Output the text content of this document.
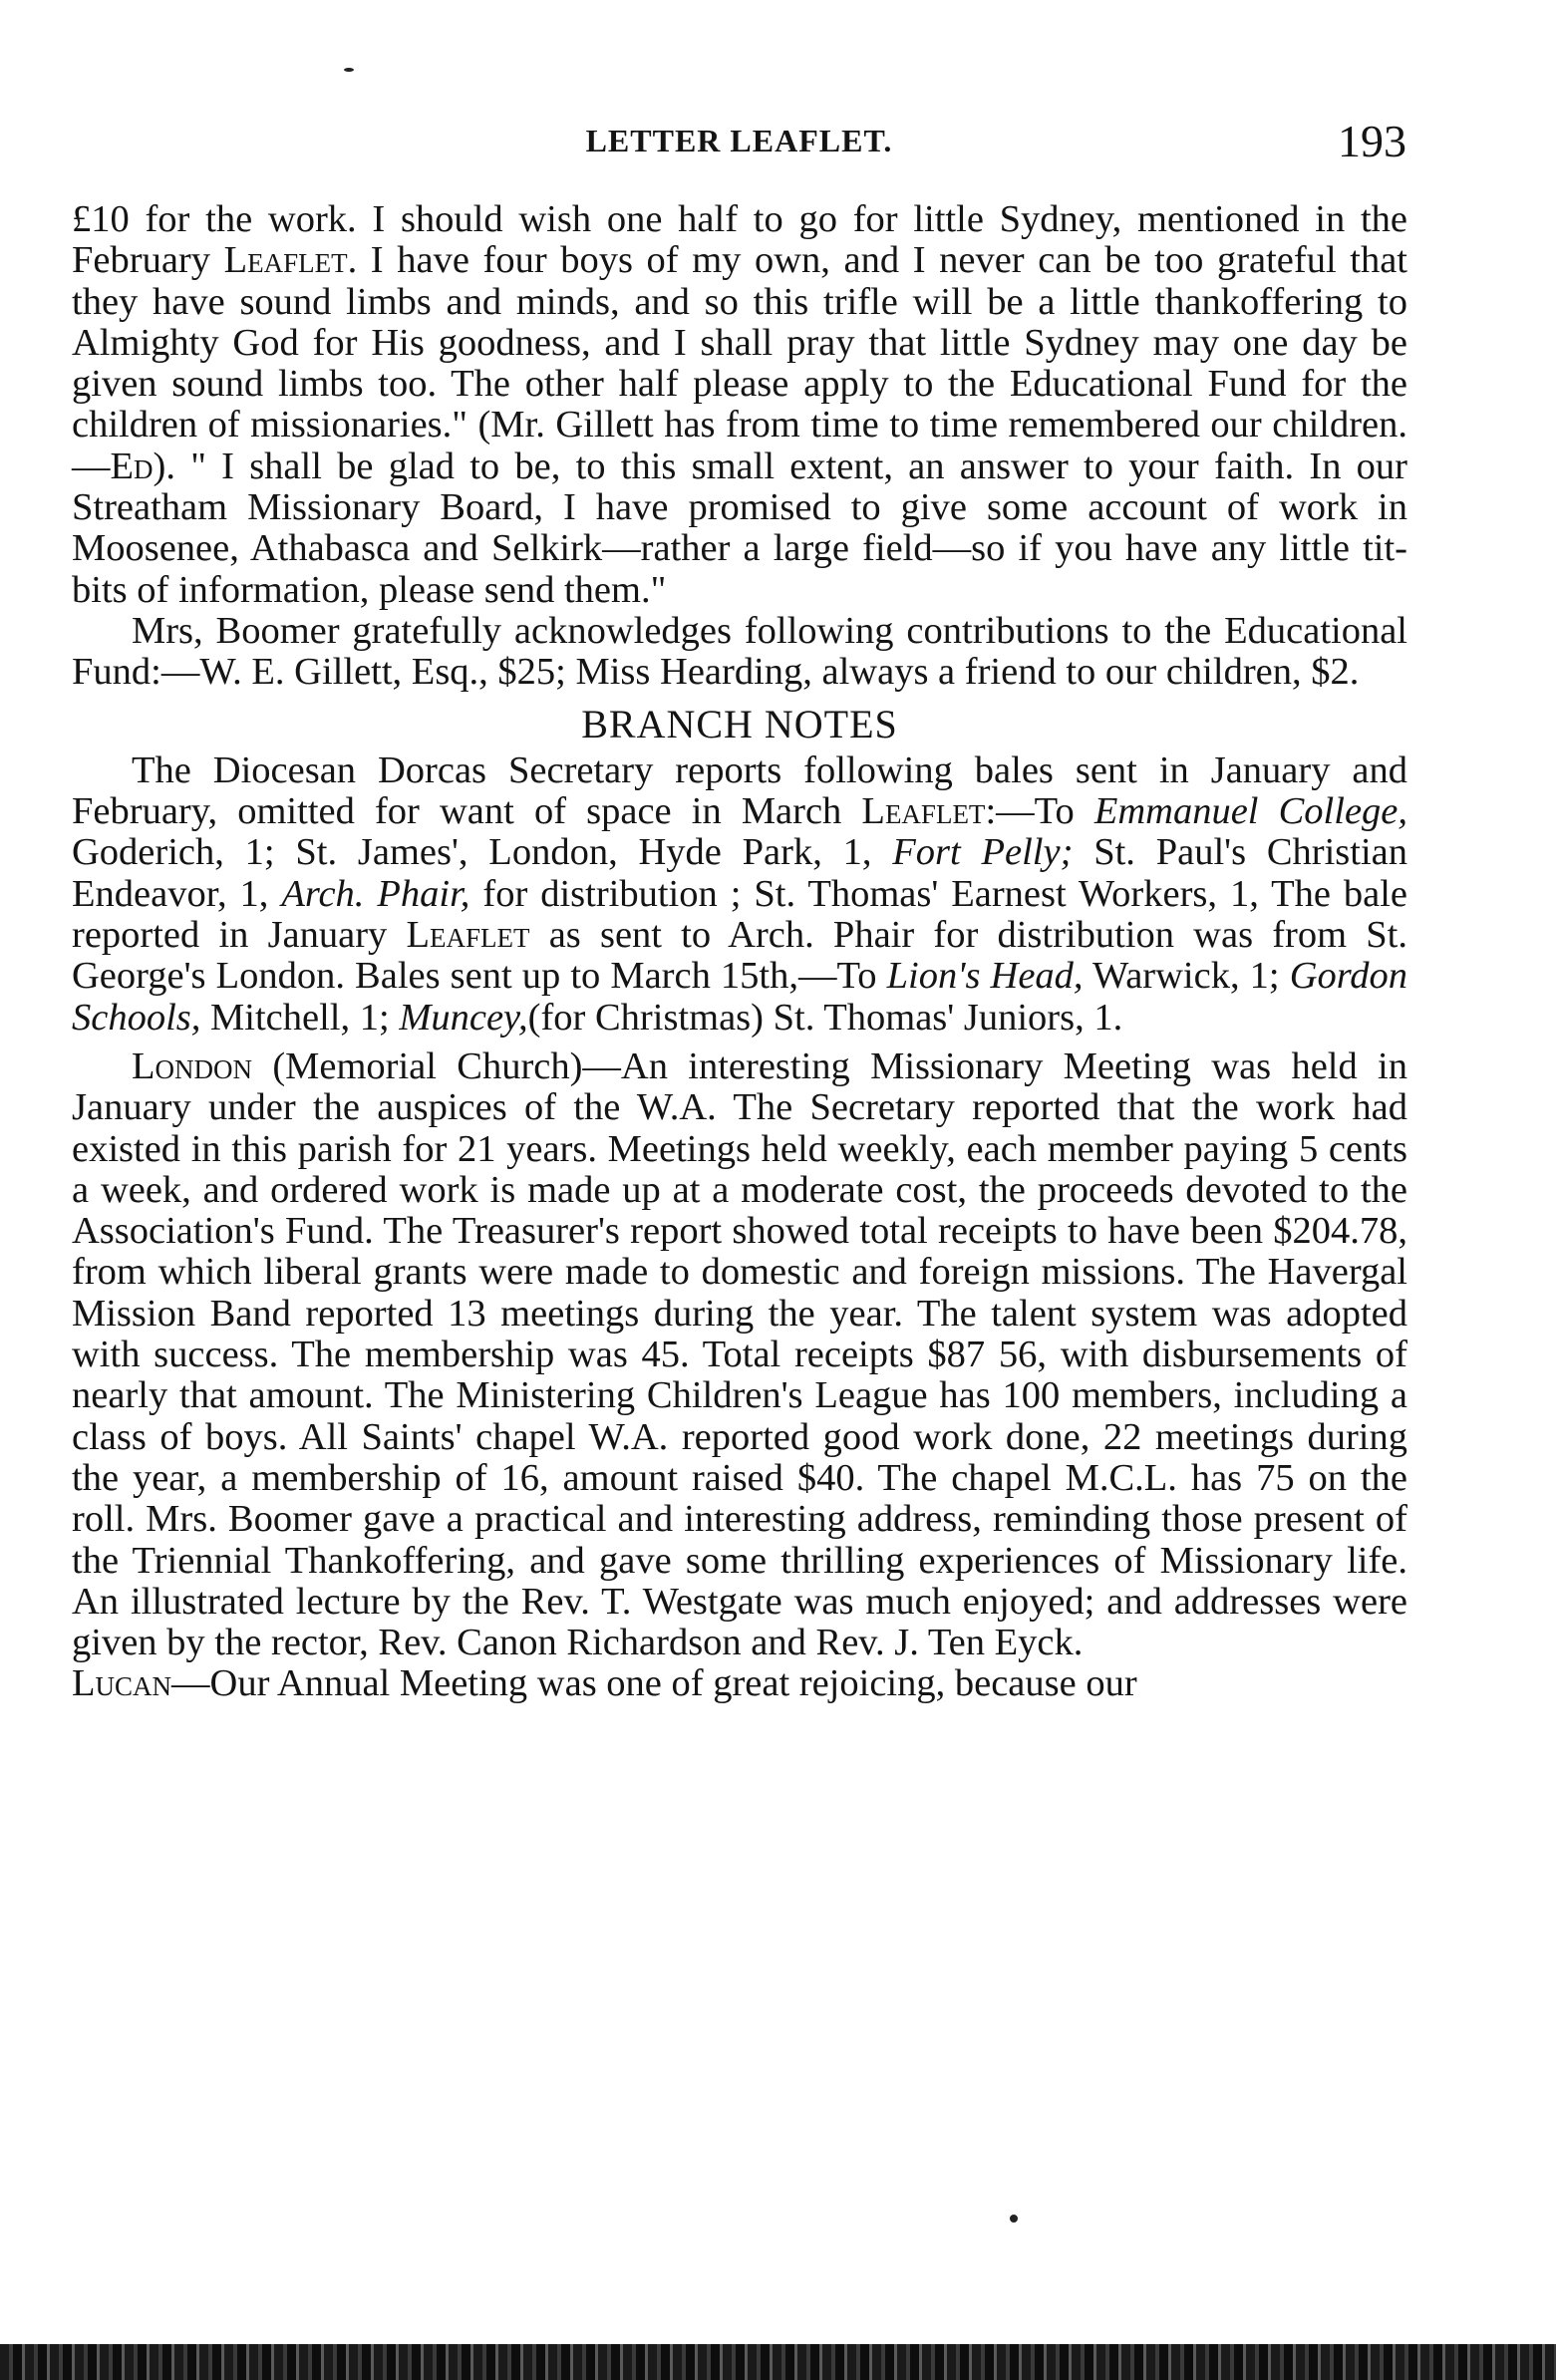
LETTER LEAFLET.	193

£10 for the work. I should wish one half to go for little Sydney, mentioned in the February Leaflet. I have four boys of my own, and I never can be too grateful that they have sound limbs and minds, and so this trifle will be a little thankoffering to Almighty God for His goodness, and I shall pray that little Sydney may one day be given sound limbs too. The other half please apply to the Educational Fund for the children of missionaries." (Mr. Gillett has from time to time remembered our children.—Ed). " I shall be glad to be, to this small extent, an answer to your faith. In our Streatham Missionary Board, I have promised to give some account of work in Moosenee, Athabasca and Selkirk—rather a large field—so if you have any little tit-bits of information, please send them."

Mrs, Boomer gratefully acknowledges following contributions to the Educational Fund:—W. E. Gillett, Esq., $25; Miss Hearding, always a friend to our children, $2.

BRANCH NOTES

The Diocesan Dorcas Secretary reports following bales sent in January and February, omitted for want of space in March Leaflet:—To Emmanuel College, Goderich, 1; St. James', London, Hyde Park, 1, Fort Pelly; St. Paul's Christian Endeavor, 1, Arch. Phair, for distribution ; St. Thomas' Earnest Workers, 1, The bale reported in January Leaflet as sent to Arch. Phair for distribution was from St. George's London. Bales sent up to March 15th,—To Lion's Head, Warwick, 1; Gordon Schools, Mitchell, 1; Muncey,(for Christmas) St. Thomas' Juniors, 1.

London (Memorial Church)—An interesting Missionary Meeting was held in January under the auspices of the W.A. The Secretary reported that the work had existed in this parish for 21 years. Meetings held weekly, each member paying 5 cents a week, and ordered work is made up at a moderate cost, the proceeds devoted to the Association's Fund. The Treasurer's report showed total receipts to have been $204.78, from which liberal grants were made to domestic and foreign missions. The Havergal Mission Band reported 13 meetings during the year. The talent system was adopted with success. The membership was 45. Total receipts $87 56, with disbursements of nearly that amount. The Ministering Children's League has 100 members, including a class of boys. All Saints' chapel W.A. reported good work done, 22 meetings during the year, a membership of 16, amount raised $40. The chapel M.C.L. has 75 on the roll. Mrs. Boomer gave a practical and interesting address, reminding those present of the Triennial Thankoffering, and gave some thrilling experiences of Missionary life. An illustrated lecture by the Rev. T. Westgate was much enjoyed; and addresses were given by the rector, Rev. Canon Richardson and Rev. J. Ten Eyck.

Lucan—Our Annual Meeting was one of great rejoicing, because our
